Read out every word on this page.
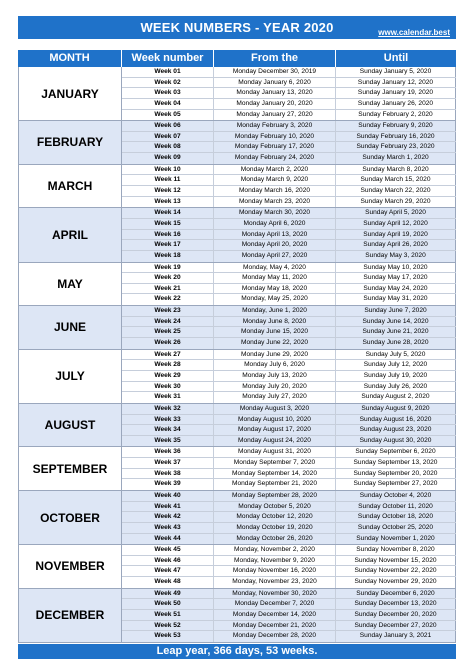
WEEK NUMBERS - YEAR 2020	www.calendar.best
MONTH	Week number	From the	Until
JANUARY
Week 01	Monday December 30, 2019	Sunday January 5, 2020
Week 02	Monday January 6, 2020	Sunday January 12, 2020
Week 03	Monday January 13, 2020	Sunday January 19, 2020
Week 04	Monday January 20, 2020	Sunday January 26, 2020
Week 05	Monday January 27, 2020	Sunday February 2, 2020
FEBRUARY
Week 06	Monday February 3, 2020	Sunday February 9, 2020
Week 07	Monday February 10, 2020	Sunday February 16, 2020
Week 08	Monday February 17, 2020	Sunday February 23, 2020
Week 09	Monday February 24, 2020	Sunday March 1, 2020
MARCH
Week 10	Monday March 2, 2020	Sunday March 8, 2020
Week 11	Monday March 9, 2020	Sunday March 15, 2020
Week 12	Monday March 16, 2020	Sunday March 22, 2020
Week 13	Monday March 23, 2020	Sunday March 29, 2020
APRIL
Week 14	Monday March 30, 2020	Sunday April 5, 2020
Week 15	Monday April 6, 2020	Sunday April 12, 2020
Week 16	Monday April 13, 2020	Sunday April 19, 2020
Week 17	Monday April 20, 2020	Sunday April 26, 2020
Week 18	Monday April 27, 2020	Sunday May 3, 2020
MAY
Week 19	Monday, May 4, 2020	Sunday May 10, 2020
Week 20	Monday May 11, 2020	Sunday May 17, 2020
Week 21	Monday May 18, 2020	Sunday May 24, 2020
Week 22	Monday, May 25, 2020	Sunday May 31, 2020
JUNE
Week 23	Monday, June 1, 2020	Sunday June 7, 2020
Week 24	Monday June 8, 2020	Sunday June 14, 2020
Week 25	Monday June 15, 2020	Sunday June 21, 2020
Week 26	Monday June 22, 2020	Sunday June 28, 2020
JULY
Week 27	Monday June 29, 2020	Sunday July 5, 2020
Week 28	Monday July 6, 2020	Sunday July 12, 2020
Week 29	Monday July 13, 2020	Sunday July 19, 2020
Week 30	Monday July 20, 2020	Sunday July 26, 2020
Week 31	Monday July 27, 2020	Sunday August 2, 2020
AUGUST
Week 32	Monday August 3, 2020	Sunday August 9, 2020
Week 33	Monday August 10, 2020	Sunday August 16, 2020
Week 34	Monday August 17, 2020	Sunday August 23, 2020
Week 35	Monday August 24, 2020	Sunday August 30, 2020
SEPTEMBER
Week 36	Monday August 31, 2020	Sunday September 6, 2020
Week 37	Monday September 7, 2020	Sunday September 13, 2020
Week 38	Monday September 14, 2020	Sunday September 20, 2020
Week 39	Monday September 21, 2020	Sunday September 27, 2020
OCTOBER
Week 40	Monday September 28, 2020	Sunday October 4, 2020
Week 41	Monday October 5, 2020	Sunday October 11, 2020
Week 42	Monday October 12, 2020	Sunday October 18, 2020
Week 43	Monday October 19, 2020	Sunday October 25, 2020
Week 44	Monday October 26, 2020	Sunday November 1, 2020
NOVEMBER
Week 45	Monday, November 2, 2020	Sunday November 8, 2020
Week 46	Monday, November 9, 2020	Sunday November 15, 2020
Week 47	Monday November 16, 2020	Sunday November 22, 2020
Week 48	Monday, November 23, 2020	Sunday November 29, 2020
DECEMBER
Week 49	Monday, November 30, 2020	Sunday December 6, 2020
Week 50	Monday December 7, 2020	Sunday December 13, 2020
Week 51	Monday December 14, 2020	Sunday December 20, 2020
Week 52	Monday December 21, 2020	Sunday December 27, 2020
Week 53	Monday December 28, 2020	Sunday January 3, 2021
Leap year, 366 days, 53 weeks.
